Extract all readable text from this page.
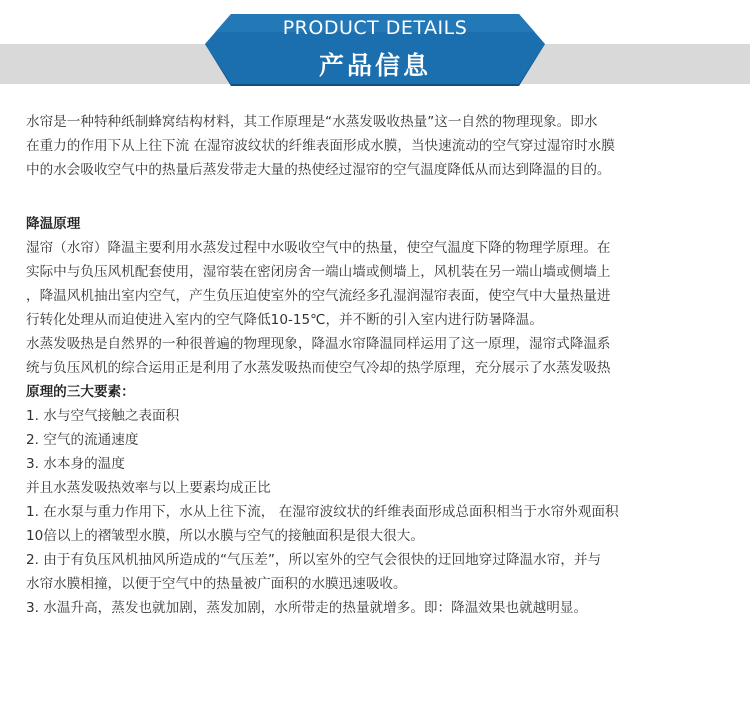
PRODUCT DETAILS
产品信息

水帘是一种特种纸制蜂窝结构材料，其工作原理是“水蒸发吸收热量”这一自然的物理现象。即水

在重力的作用下从上往下流 在湿帘波纹状的纤维表面形成水膜，当快速流动的空气穿过湿帘时水膜

中的水会吸收空气中的热量后蒸发带走大量的热使经过湿帘的空气温度降低从而达到降温的目的。

降温原理

湿帘（水帘）降温主要利用水蒸发过程中水吸收空气中的热量，使空气温度下降的物理学原理。在

实际中与负压风机配套使用，湿帘装在密闭房舍一端山墙或侧墙上，风机装在另一端山墙或侧墙上

，降温风机抽出室内空气，产生负压迫使室外的空气流经多孔湿润湿帘表面，使空气中大量热量进

行转化处理从而迫使进入室内的空气降低10-15℃，并不断的引入室内进行防暑降温。

水蒸发吸热是自然界的一种很普遍的物理现象，降温水帘降温同样运用了这一原理，湿帘式降温系

统与负压风机的综合运用正是利用了水蒸发吸热而使空气冷却的热学原理，充分展示了水蒸发吸热

原理的三大要素：

1. 水与空气接触之表面积

2. 空气的流通速度

3. 水本身的温度

并且水蒸发吸热效率与以上要素均成正比

1. 在水泵与重力作用下，水从上往下流， 在湿帘波纹状的纤维表面形成总面积相当于水帘外观面积

10倍以上的褶皱型水膜，所以水膜与空气的接触面积是很大很大。

2. 由于有负压风机抽风所造成的“气压差”，所以室外的空气会很快的迂回地穿过降温水帘，并与

水帘水膜相撞，以便于空气中的热量被广面积的水膜迅速吸收。

3. 水温升高，蒸发也就加剧，蒸发加剧，水所带走的热量就增多。即：降温效果也就越明显。
